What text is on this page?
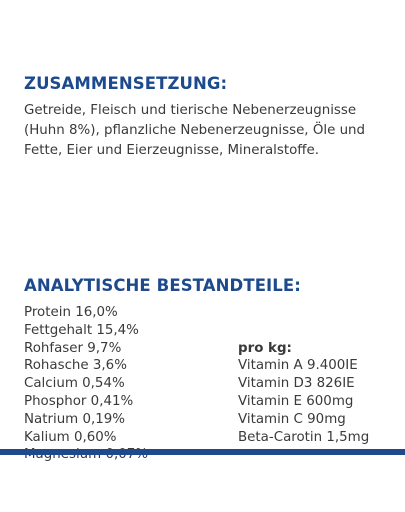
ZUSAMMENSETZUNG:

Getreide, Fleisch und tierische Nebenerzeugnisse (Huhn 8%), pflanzliche Nebenerzeugnisse, Öle und Fette, Eier und Eierzeugnisse, Mineralstoffe.

ANALYTISCHE BESTANDTEILE:
Protein 16,0%
Fettgehalt 15,4%
Rohfaser 9,7%
Rohasche 3,6%
Calcium 0,54%
Phosphor 0,41%
Natrium 0,19%
Kalium 0,60%
pro kg:
Vitamin A 9.400IE
Vitamin D3 826IE
Vitamin E 600mg
Vitamin C 90mg
Beta-Carotin 1,5mg
